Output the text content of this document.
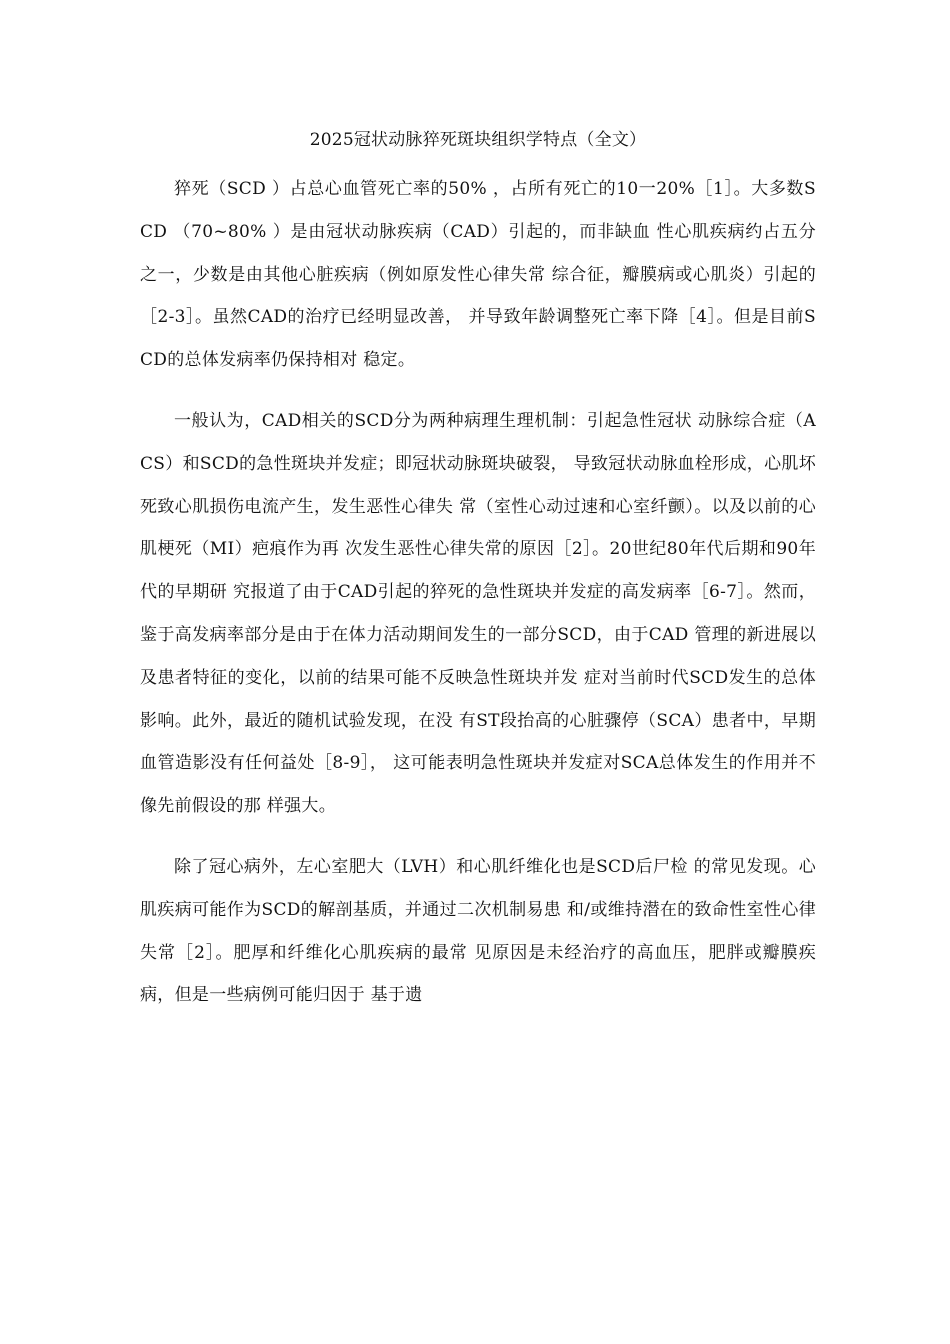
2025冠状动脉猝死斑块组织学特点（全文）

猝死（SCD ）占总心血管死亡率的50% ，占所有死亡的10一20%［1］。大多数SCD （70~80% ）是由冠状动脉疾病（CAD）引起的，而非缺血 性心肌疾病约占五分之一，少数是由其他心脏疾病（例如原发性心律失常 综合征，瓣膜病或心肌炎）引起的［2-3］。虽然CAD的治疗已经明显改善， 并导致年龄调整死亡率下降［4］。但是目前SCD的总体发病率仍保持相对 稳定。

一般认为，CAD相关的SCD分为两种病理生理机制：引起急性冠状 动脉综合症（ACS）和SCD的急性斑块并发症；即冠状动脉斑块破裂， 导致冠状动脉血栓形成，心肌坏死致心肌损伤电流产生，发生恶性心律失 常（室性心动过速和心室纤颤）。以及以前的心肌梗死（MI）疤痕作为再 次发生恶性心律失常的原因［2］。20世纪80年代后期和90年代的早期研 究报道了由于CAD引起的猝死的急性斑块并发症的高发病率［6-7］。然而， 鉴于高发病率部分是由于在体力活动期间发生的一部分SCD，由于CAD 管理的新进展以及患者特征的变化，以前的结果可能不反映急性斑块并发 症对当前时代SCD发生的总体影响。此外，最近的随机试验发现，在没 有ST段抬高的心脏骤停（SCA）患者中，早期血管造影没有任何益处［8-9］， 这可能表明急性斑块并发症对SCA总体发生的作用并不像先前假设的那 样强大。

除了冠心病外，左心室肥大（LVH）和心肌纤维化也是SCD后尸检 的常见发现。心肌疾病可能作为SCD的解剖基质，并通过二次机制易患 和/或维持潜在的致命性室性心律失常［2］。肥厚和纤维化心肌疾病的最常 见原因是未经治疗的高血压，肥胖或瓣膜疾病，但是一些病例可能归因于 基于遗
